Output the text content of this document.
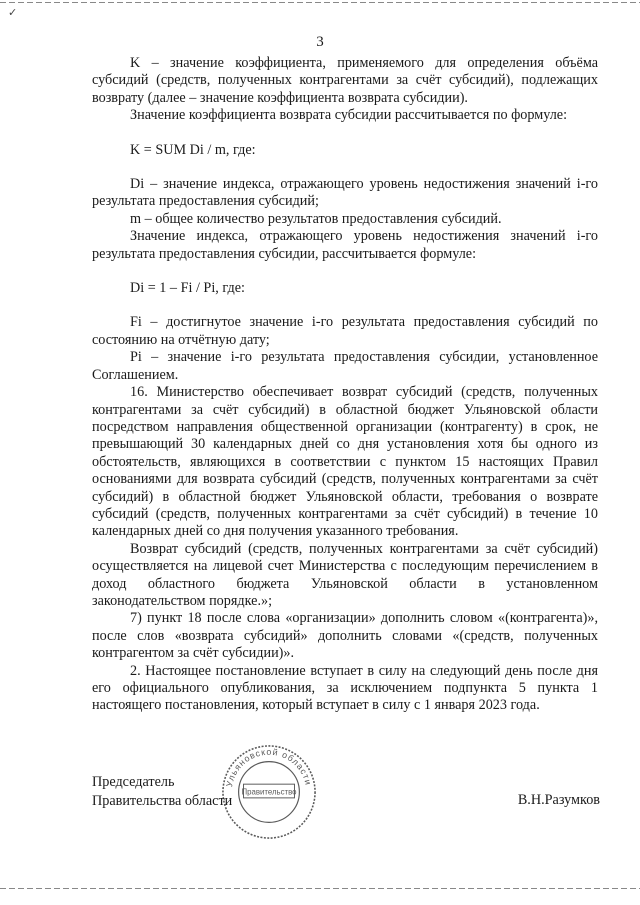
✓
3

K – значение коэффициента, применяемого для определения объёма субсидий (средств, полученных контрагентами за счёт субсидий), подлежащих возврату (далее – значение коэффициента возврата субсидии).

Значение коэффициента возврата субсидии рассчитывается по формуле:

K = SUM Di / m, где:

Di – значение индекса, отражающего уровень недостижения значений i-го результата предоставления субсидий;

m – общее количество результатов предоставления субсидий.

Значение индекса, отражающего уровень недостижения значений i-го результата предоставления субсидии, рассчитывается формуле:

Di = 1 – Fi / Pi, где:

Fi – достигнутое значение i-го результата предоставления субсидий по состоянию на отчётную дату;

Pi – значение i-го результата предоставления субсидии, установленное Соглашением.

16. Министерство обеспечивает возврат субсидий (средств, полученных контрагентами за счёт субсидий) в областной бюджет Ульяновской области посредством направления общественной организации (контрагенту) в срок, не превышающий 30 календарных дней со дня установления хотя бы одного из обстоятельств, являющихся в соответствии с пунктом 15 настоящих Правил основаниями для возврата субсидий (средств, полученных контрагентами за счёт субсидий) в областной бюджет Ульяновской области, требования о возврате субсидий (средств, полученных контрагентами за счёт субсидий) в течение 10 календарных дней со дня получения указанного требования.

Возврат субсидий (средств, полученных контрагентами за счёт субсидий) осуществляется на лицевой счет Министерства с последующим перечислением в доход областного бюджета Ульяновской области в установленном законодательством порядке.»;

7) пункт 18 после слова «организации» дополнить словом «(контрагента)», после слов «возврата субсидий» дополнить словами «(средств, полученных контрагентом за счёт субсидии)».

2. Настоящее постановление вступает в силу на следующий день после дня его официального опубликования, за исключением подпункта 5 пункта 1 настоящего постановления, который вступает в силу с 1 января 2023 года.

Председатель
Правительства области	В.Н.Разумков
Ульяновской области
Правительство
